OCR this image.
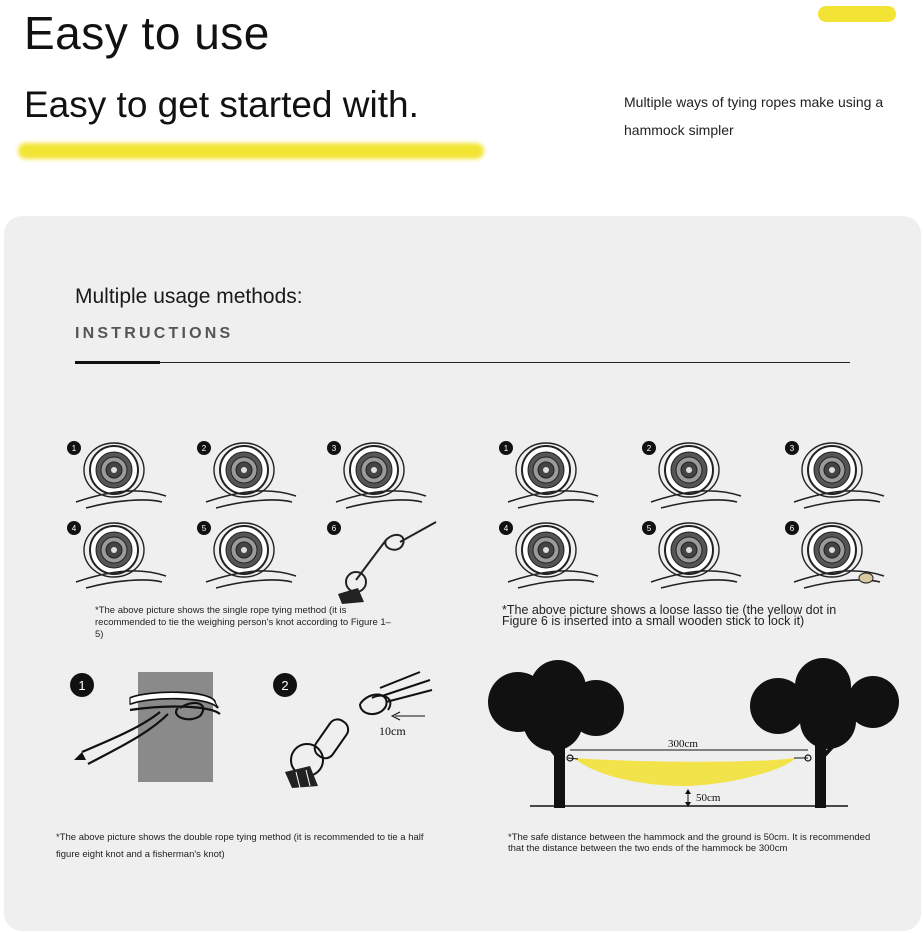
Easy to use
Easy to get started with.	Multiple ways of tying ropes make using a hammock simpler
Multiple usage methods:
INSTRUCTIONS
1	2	3
4	5	6
*The above picture shows the single rope tying method (it is recommended to tie the weighing person's knot according to Figure 1–5)
1	2	3
4	5	6
*The above picture shows a loose lasso tie (the yellow dot in Figure 6 is inserted into a small wooden stick to lock it)
1	2
10cm
*The above picture shows the double rope tying method (it is recommended to tie a half figure eight knot and a fisherman's knot)
300cm
50cm
*The safe distance between the hammock and the ground is 50cm. It is recommended that the distance between the two ends of the hammock be 300cm
